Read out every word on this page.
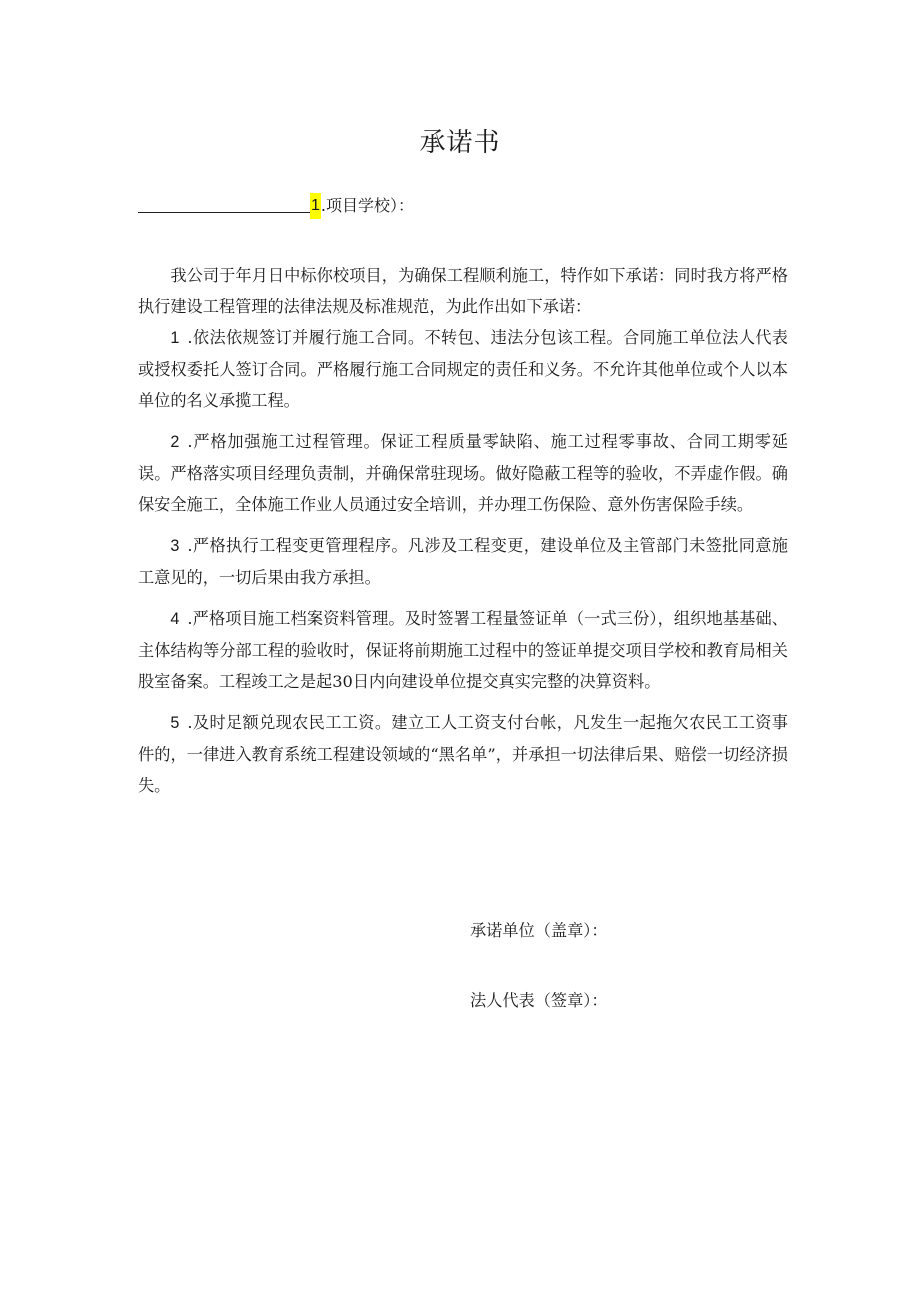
承诺书
1 .项目学校）：

我公司于年月日中标你校项目，为确保工程顺利施工，特作如下承诺：同时我方将严格执行建设工程管理的法律法规及标准规范，为此作出如下承诺：

1 .依法依规签订并履行施工合同。不转包、违法分包该工程。合同施工单位法人代表或授权委托人签订合同。严格履行施工合同规定的责任和义务。不允许其他单位或个人以本单位的名义承揽工程。

2 .严格加强施工过程管理。保证工程质量零缺陷、施工过程零事故、合同工期零延误。严格落实项目经理负责制，并确保常驻现场。做好隐蔽工程等的验收，不弄虚作假。确保安全施工，全体施工作业人员通过安全培训，并办理工伤保险、意外伤害保险手续。

3 .严格执行工程变更管理程序。凡涉及工程变更，建设单位及主管部门未签批同意施工意见的，一切后果由我方承担。

4 .严格项目施工档案资料管理。及时签署工程量签证单（一式三份），组织地基基础、主体结构等分部工程的验收时，保证将前期施工过程中的签证单提交项目学校和教育局相关股室备案。工程竣工之是起30日内向建设单位提交真实完整的决算资料。

5 .及时足额兑现农民工工资。建立工人工资支付台帐，凡发生一起拖欠农民工工资事件的，一律进入教育系统工程建设领域的“黑名单”，并承担一切法律后果、赔偿一切经济损失。

承诺单位（盖章）：
法人代表（签章）：
